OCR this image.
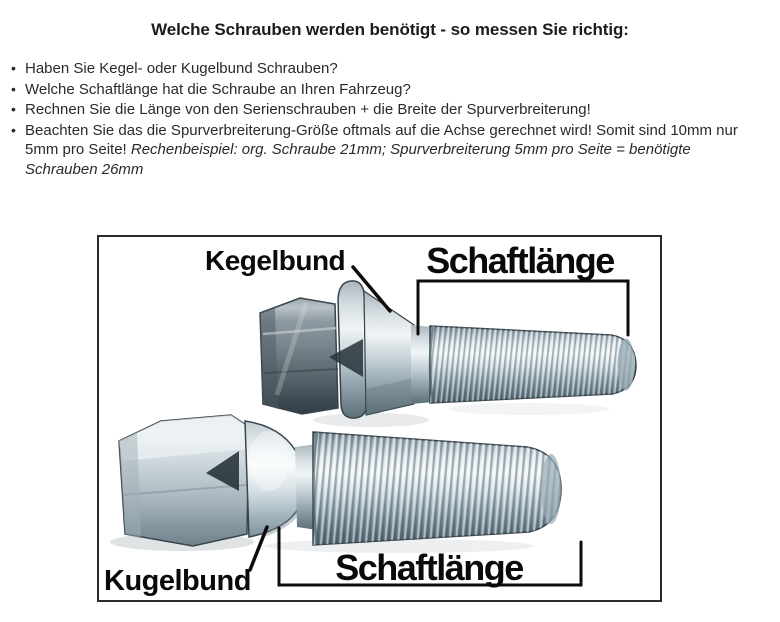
Welche Schrauben werden benötigt - so messen Sie richtig:
• Haben Sie Kegel- oder Kugelbund Schrauben?
• Welche Schaftlänge hat die Schraube an Ihren Fahrzeug?
• Rechnen Sie die Länge von den Serienschrauben + die Breite der Spurverbreiterung!
• Beachten Sie das die Spurverbreiterung-Größe oftmals auf die Achse gerechnet wird! Somit sind 10mm nur 5mm pro Seite! Rechenbeispiel: org. Schraube 21mm; Spurverbreiterung 5mm pro Seite = benötigte Schrauben 26mm
Kegelbund	Schaftlänge
Kugelbund	Schaftlänge
